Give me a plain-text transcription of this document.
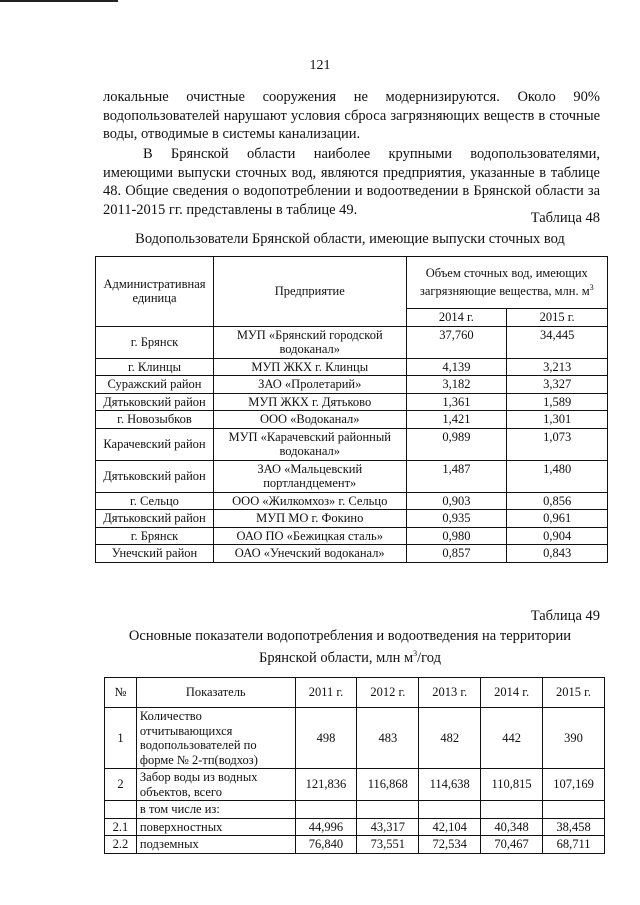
121

локальные очистные сооружения не модернизируются. Около 90% водопользователей нарушают условия сброса загрязняющих веществ в сточные воды, отводимые в системы канализации.

В Брянской области наиболее крупными водопользователями, имеющими выпуски сточных вод, являются предприятия, указанные в таблице 48. Общие сведения о водопотреблении и водоотведении в Брянской области за 2011-2015 гг. представлены в таблице 49.

Таблица 48
Водопользователи Брянской области, имеющие выпуски сточных вод
Административная единица	Предприятие	Объем сточных вод, имеющих загрязняющие вещества, млн. $м^3$
		2014 г.	2015 г.
г. Брянск	МУП «Брянский городской водоканал»	37,760	34,445
г. Клинцы	МУП ЖКХ г. Клинцы	4,139	3,213
Суражский район	ЗАО «Пролетарий»	3,182	3,327
Дятьковский район	МУП ЖКХ г. Дятьково	1,361	1,589
г. Новозыбков	ООО «Водоканал»	1,421	1,301
Карачевский район	МУП «Карачевский районный водоканал»	0,989	1,073
Дятьковский район	ЗАО «Мальцевский портландцемент»	1,487	1,480
г. Сельцо	ООО «Жилкомхоз» г. Сельцо	0,903	0,856
Дятьковский район	МУП МО г. Фокино	0,935	0,961
г. Брянск	ОАО ПО «Бежицкая сталь»	0,980	0,904
Унечский район	ОАО «Унечский водоканал»	0,857	0,843
Таблица 49
Основные показатели водопотребления и водоотведения на территории
Брянской области, млн $м^3$/год
№	Показатель	2011 г.	2012 г.	2013 г.	2014 г.	2015 г.
1	Количество отчитывающихся водопользователей по форме № 2-тп(водхоз)	498	483	482	442	390
2	Забор воды из водных объектов, всего	121,836	116,868	114,638	110,815	107,169
	в том числе из:					
2.1	поверхностных	44,996	43,317	42,104	40,348	38,458
2.2	подземных	76,840	73,551	72,534	70,467	68,711
